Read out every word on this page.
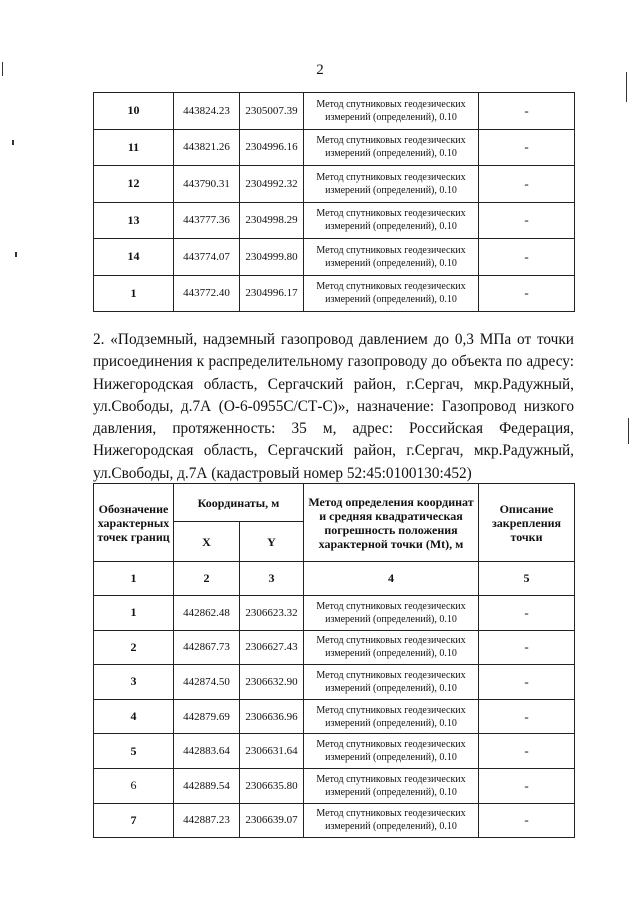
2
10	443824.23	2305007.39	Метод спутниковых геодезических измерений (определений), 0.10	-
11	443821.26	2304996.16	Метод спутниковых геодезических измерений (определений), 0.10	-
12	443790.31	2304992.32	Метод спутниковых геодезических измерений (определений), 0.10	-
13	443777.36	2304998.29	Метод спутниковых геодезических измерений (определений), 0.10	-
14	443774.07	2304999.80	Метод спутниковых геодезических измерений (определений), 0.10	-
1	443772.40	2304996.17	Метод спутниковых геодезических измерений (определений), 0.10	-

2. «Подземный, надземный газопровод давлением до 0,3 МПа от точки присоединения к распределительному газопроводу до объекта по адресу: Нижегородская область, Сергачский район, г.Сергач, мкр.Радужный, ул.Свободы, д.7А (О-6-0955С/СТ-С)», назначение: Газопровод низкого давления, протяженность: 35 м, адрес: Российская Федерация, Нижегородская область, Сергачский район, г.Сергач, мкр.Радужный, ул.Свободы, д.7А (кадастровый номер 52:45:0100130:452)

Обозначение характерных точек границ	Координаты, м		Метод определения координат и средняя квадратическая погрешность положения характерной точки (Mt), м	Описание закрепления точки
	X	Y		
1	2	3	4	5
1	442862.48	2306623.32	Метод спутниковых геодезических измерений (определений), 0.10	-
2	442867.73	2306627.43	Метод спутниковых геодезических измерений (определений), 0.10	-
3	442874.50	2306632.90	Метод спутниковых геодезических измерений (определений), 0.10	-
4	442879.69	2306636.96	Метод спутниковых геодезических измерений (определений), 0.10	-
5	442883.64	2306631.64	Метод спутниковых геодезических измерений (определений), 0.10	-
6	442889.54	2306635.80	Метод спутниковых геодезических измерений (определений), 0.10	-
7	442887.23	2306639.07	Метод спутниковых геодезических измерений (определений), 0.10	-
